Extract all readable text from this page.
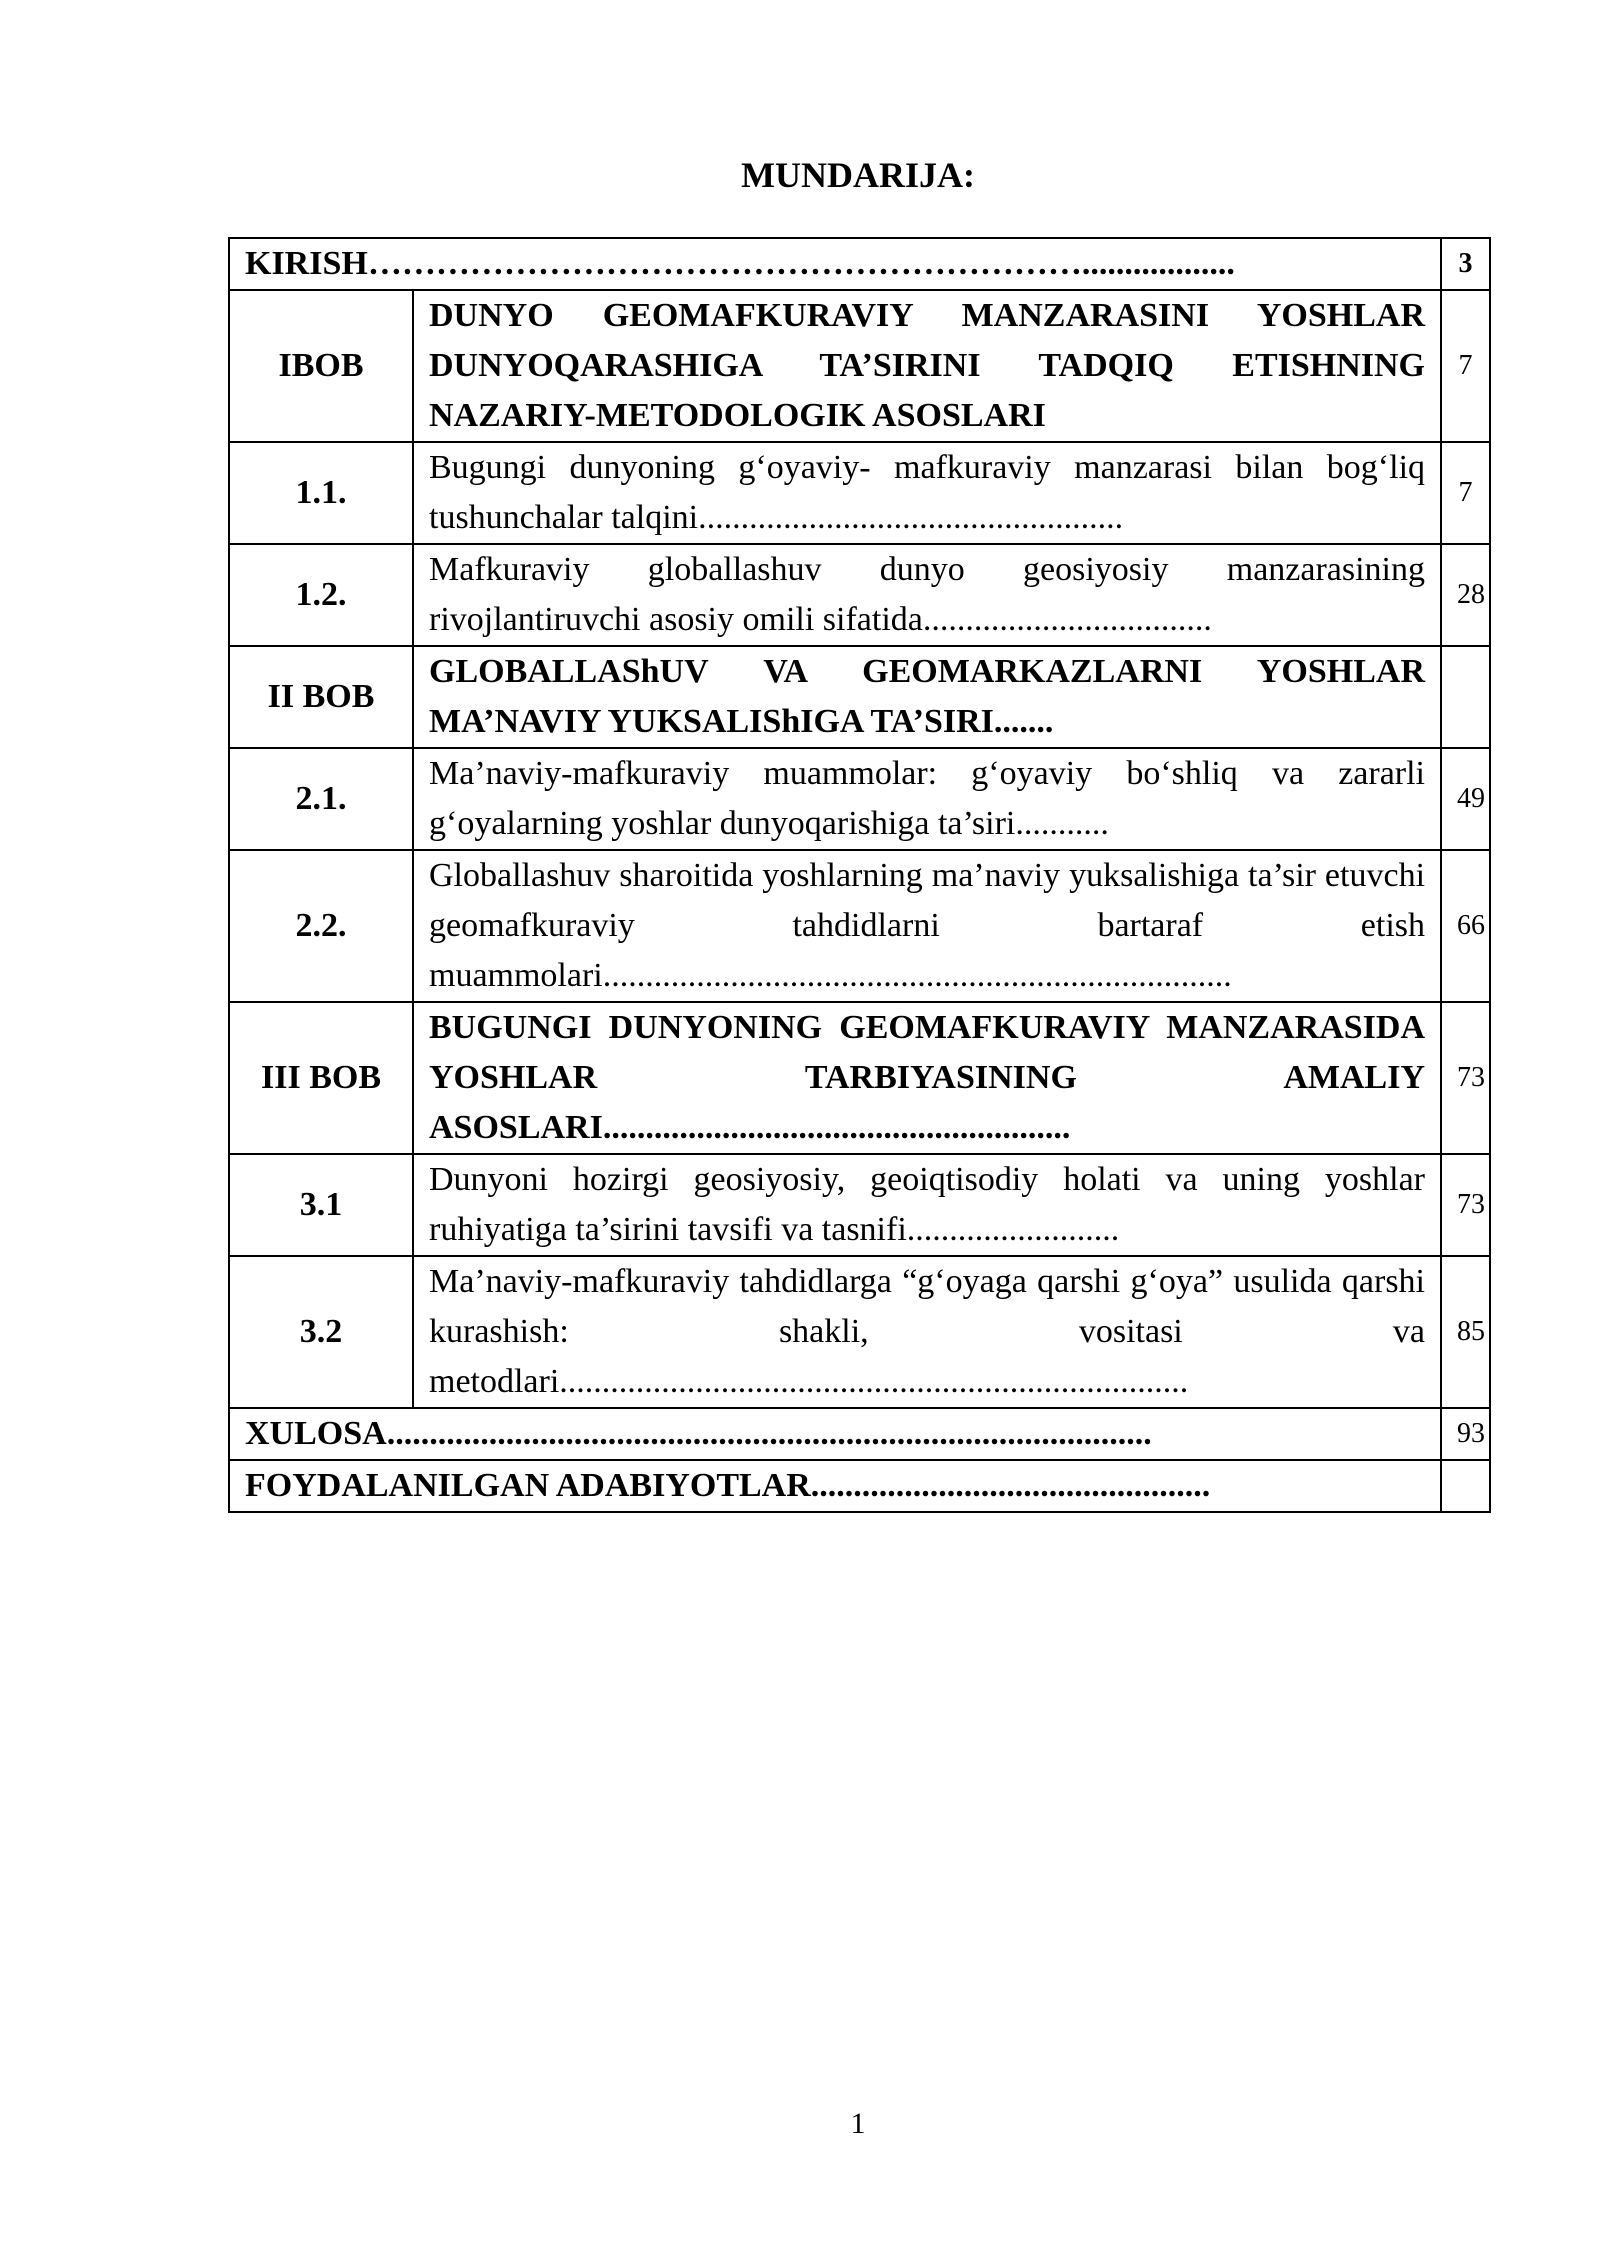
MUNDARIJA:
KIRISH………………………………………………………..................		3
IBOB	DUNYO GEOMAFKURAVIY MANZARASINI YOSHLAR DUNYOQARASHIGA TA’SIRINI TADQIQ ETISHNING NAZARIY-METODOLOGIK ASOSLARI	7
1.1.	Bugungi dunyoning g‘oyaviy- mafkuraviy manzarasi bilan bog‘liq tushunchalar talqini..................................................	7
1.2.	Mafkuraviy globallashuv dunyo geosiyosiy manzarasining rivojlantiruvchi asosiy omili sifatida..................................	28
II BOB	GLOBALLAShUV VA GEOMARKAZLARNI YOSHLAR MA’NAVIY YUKSALIShIGA TA’SIRI.......	
2.1.	Ma’naviy-mafkuraviy muammolar: g‘oyaviy bo‘shliq va zararli g‘oyalarning yoshlar dunyoqarishiga ta’siri...........	49
2.2.	Globallashuv sharoitida yoshlarning ma’naviy yuksalishiga ta’sir etuvchi geomafkuraviy tahdidlarni bartaraf etish muammolari..........................................................................	66
III BOB	BUGUNGI DUNYONING GEOMAFKURAVIY MANZARASIDA YOSHLAR TARBIYASINING AMALIY ASOSLARI.......................................................	73
3.1	Dunyoni hozirgi geosiyosiy, geoiqtisodiy holati va uning yoshlar ruhiyatiga ta’sirini tavsifi va tasnifi.........................	73
3.2	Ma’naviy-mafkuraviy tahdidlarga “g‘oyaga qarshi g‘oya” usulida qarshi kurashish: shakli, vositasi va metodlari..........................................................................	85
XULOSA..........................................................................................		93
FOYDALANILGAN ADABIYOTLAR...............................................		
1
